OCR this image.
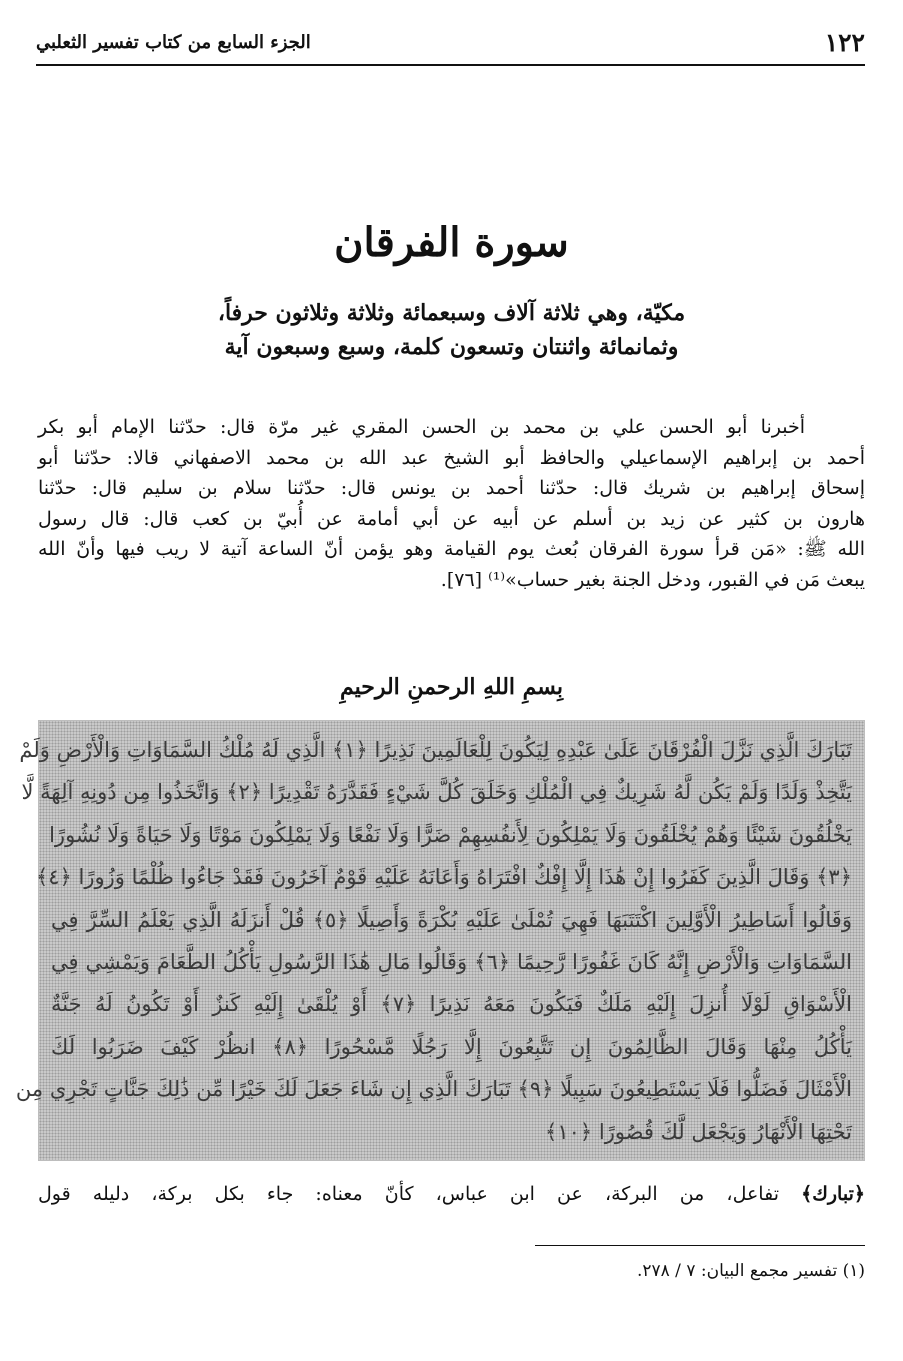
١٢٢
الجزء السابع من كتاب تفسير الثعلبي
سورة الفرقان
مكيّة، وهي ثلاثة آلاف وسبعمائة وثلاثة وثلاثون حرفاً،
وثمانمائة واثنتان وتسعون كلمة، وسبع وسبعون آية
أخبرنا أبو الحسن علي بن محمد بن الحسن المقري غير مرّة قال: حدّثنا الإمام أبو بكر
أحمد بن إبراهيم الإسماعيلي والحافظ أبو الشيخ عبد الله بن محمد الاصفهاني قالا: حدّثنا أبو
إسحاق إبراهيم بن شريك قال: حدّثنا أحمد بن يونس قال: حدّثنا سلام بن سليم قال: حدّثنا
هارون بن كثير عن زيد بن أسلم عن أبيه عن أبي أمامة عن أُبيّ بن كعب قال: قال رسول
الله ﷺ: «مَن قرأ سورة الفرقان بُعث يوم القيامة وهو يؤمن أنّ الساعة آتية لا ريب فيها وأنّ الله
يبعث مَن في القبور، ودخل الجنة بغير حساب»⁽¹⁾ [٧٦].
بِسمِ اللهِ الرحمنِ الرحيمِ
تَبَارَكَ الَّذِي نَزَّلَ الْفُرْقَانَ عَلَىٰ عَبْدِهِ لِيَكُونَ لِلْعَالَمِينَ نَذِيرًا ﴿١﴾ الَّذِي لَهُ مُلْكُ السَّمَاوَاتِ وَالْأَرْضِ وَلَمْ
يَتَّخِذْ وَلَدًا وَلَمْ يَكُن لَّهُ شَرِيكٌ فِي الْمُلْكِ وَخَلَقَ كُلَّ شَيْءٍ فَقَدَّرَهُ تَقْدِيرًا ﴿٢﴾ وَاتَّخَذُوا مِن دُونِهِ آلِهَةً لَّا
يَخْلُقُونَ شَيْئًا وَهُمْ يُخْلَقُونَ وَلَا يَمْلِكُونَ لِأَنفُسِهِمْ ضَرًّا وَلَا نَفْعًا وَلَا يَمْلِكُونَ مَوْتًا وَلَا حَيَاةً وَلَا نُشُورًا
﴿٣﴾ وَقَالَ الَّذِينَ كَفَرُوا إِنْ هَٰذَا إِلَّا إِفْكٌ افْتَرَاهُ وَأَعَانَهُ عَلَيْهِ قَوْمٌ آخَرُونَ فَقَدْ جَاءُوا ظُلْمًا وَزُورًا ﴿٤﴾
وَقَالُوا أَسَاطِيرُ الْأَوَّلِينَ اكْتَتَبَهَا فَهِيَ تُمْلَىٰ عَلَيْهِ بُكْرَةً وَأَصِيلًا ﴿٥﴾ قُلْ أَنزَلَهُ الَّذِي يَعْلَمُ السِّرَّ فِي
السَّمَاوَاتِ وَالْأَرْضِ إِنَّهُ كَانَ غَفُورًا رَّحِيمًا ﴿٦﴾ وَقَالُوا مَالِ هَٰذَا الرَّسُولِ يَأْكُلُ الطَّعَامَ وَيَمْشِي فِي
الْأَسْوَاقِ لَوْلَا أُنزِلَ إِلَيْهِ مَلَكٌ فَيَكُونَ مَعَهُ نَذِيرًا ﴿٧﴾ أَوْ يُلْقَىٰ إِلَيْهِ كَنزٌ أَوْ تَكُونُ لَهُ جَنَّةٌ
يَأْكُلُ مِنْهَا وَقَالَ الظَّالِمُونَ إِن تَتَّبِعُونَ إِلَّا رَجُلًا مَّسْحُورًا ﴿٨﴾ انظُرْ كَيْفَ ضَرَبُوا لَكَ
الْأَمْثَالَ فَضَلُّوا فَلَا يَسْتَطِيعُونَ سَبِيلًا ﴿٩﴾ تَبَارَكَ الَّذِي إِن شَاءَ جَعَلَ لَكَ خَيْرًا مِّن ذَٰلِكَ جَنَّاتٍ تَجْرِي مِن
تَحْتِهَا الْأَنْهَارُ وَيَجْعَل لَّكَ قُصُورًا ﴿١٠﴾
﴿تبارك﴾ تفاعل، من البركة، عن ابن عباس، كأنّ معناه: جاء بكل بركة، دليله قول
(١) تفسير مجمع البيان: ٧ / ٢٧٨.
